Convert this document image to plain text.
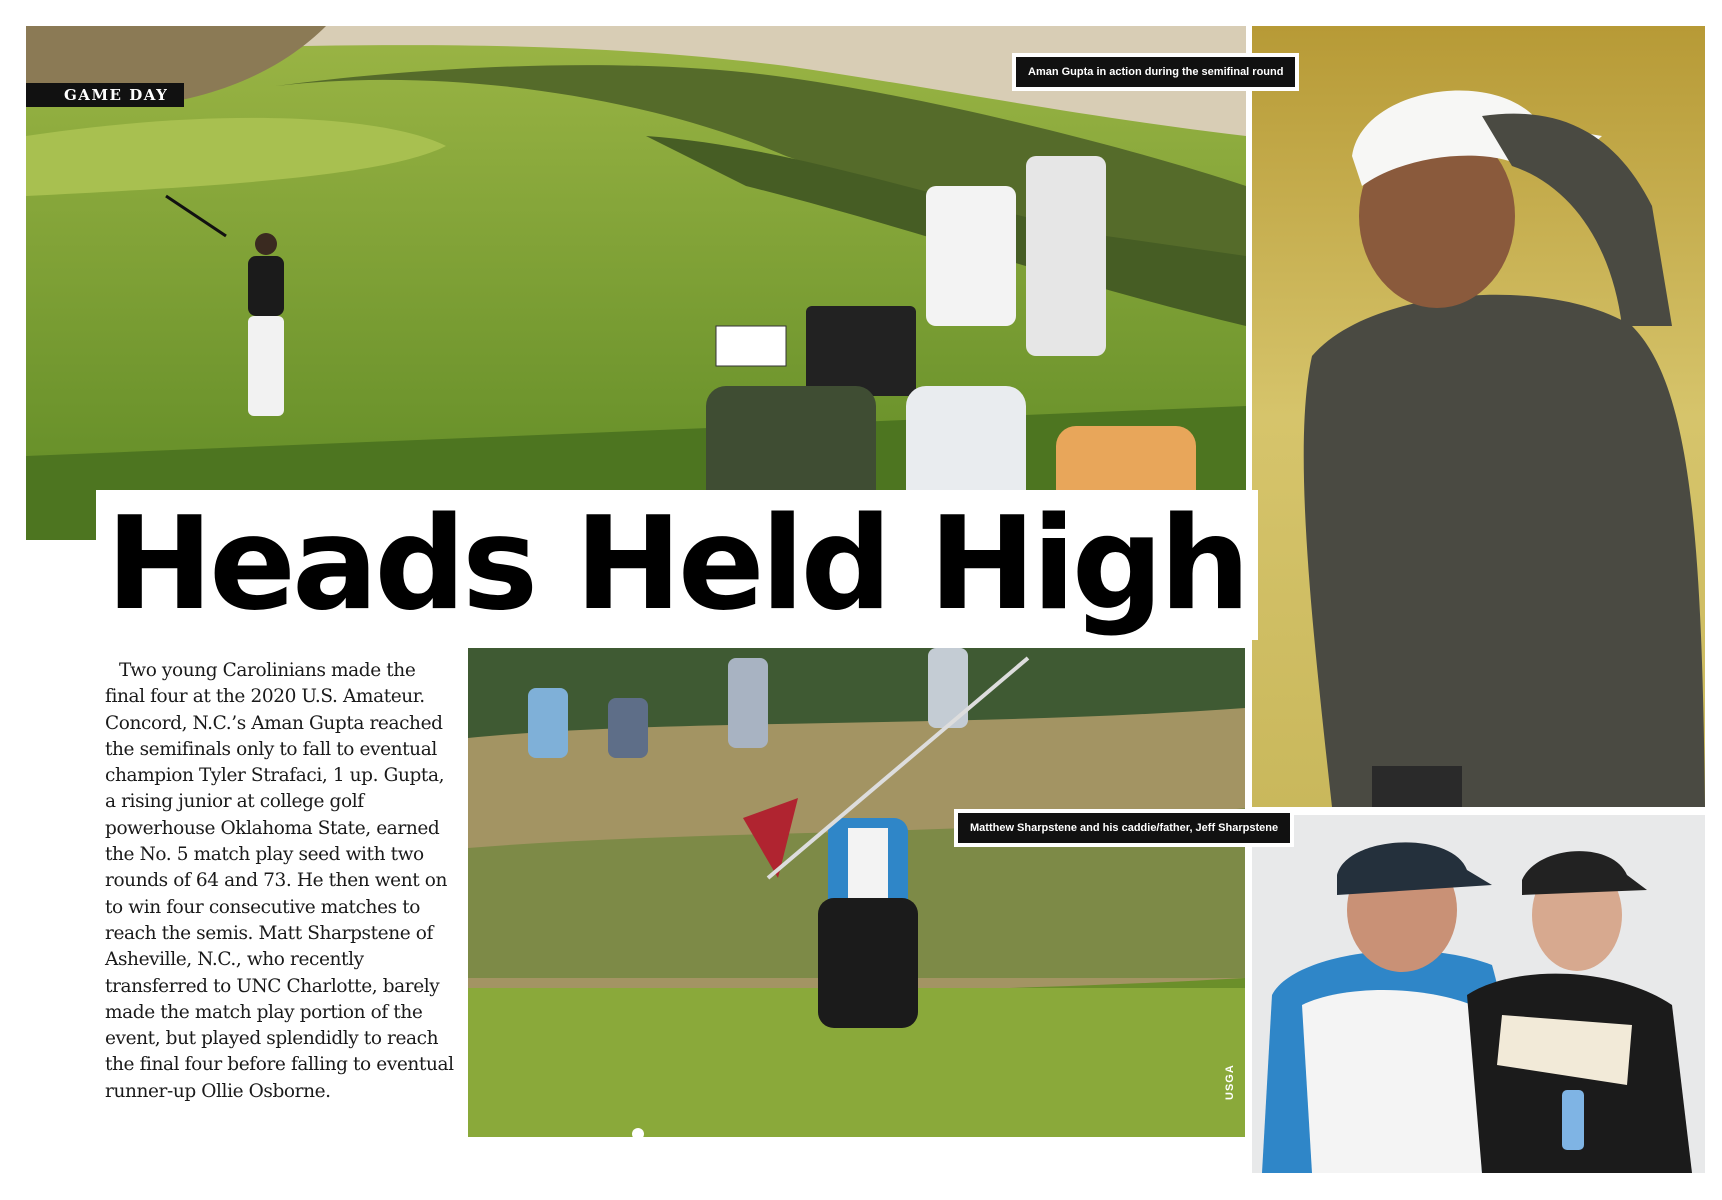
GAME DAY
Aman Gupta in action during the semifinal round
Matthew Sharpstene and his caddie/father, Jeff Sharpstene
Heads Held High

Two young Carolinians made the final four at the 2020 U.S. Amateur. Concord, N.C.’s Aman Gupta reached the semifinals only to fall to eventual champion Tyler Strafaci, 1 up. Gupta, a rising junior at college golf powerhouse Oklahoma State, earned the No. 5 match play seed with two rounds of 64 and 73. He then went on to win four consecutive matches to reach the semis. Matt Sharpstene of Asheville, N.C., who recently transferred to UNC Charlotte, barely made the match play portion of the event, but played splendidly to reach the final four before falling to eventual runner-up Ollie Osborne.	USGA
